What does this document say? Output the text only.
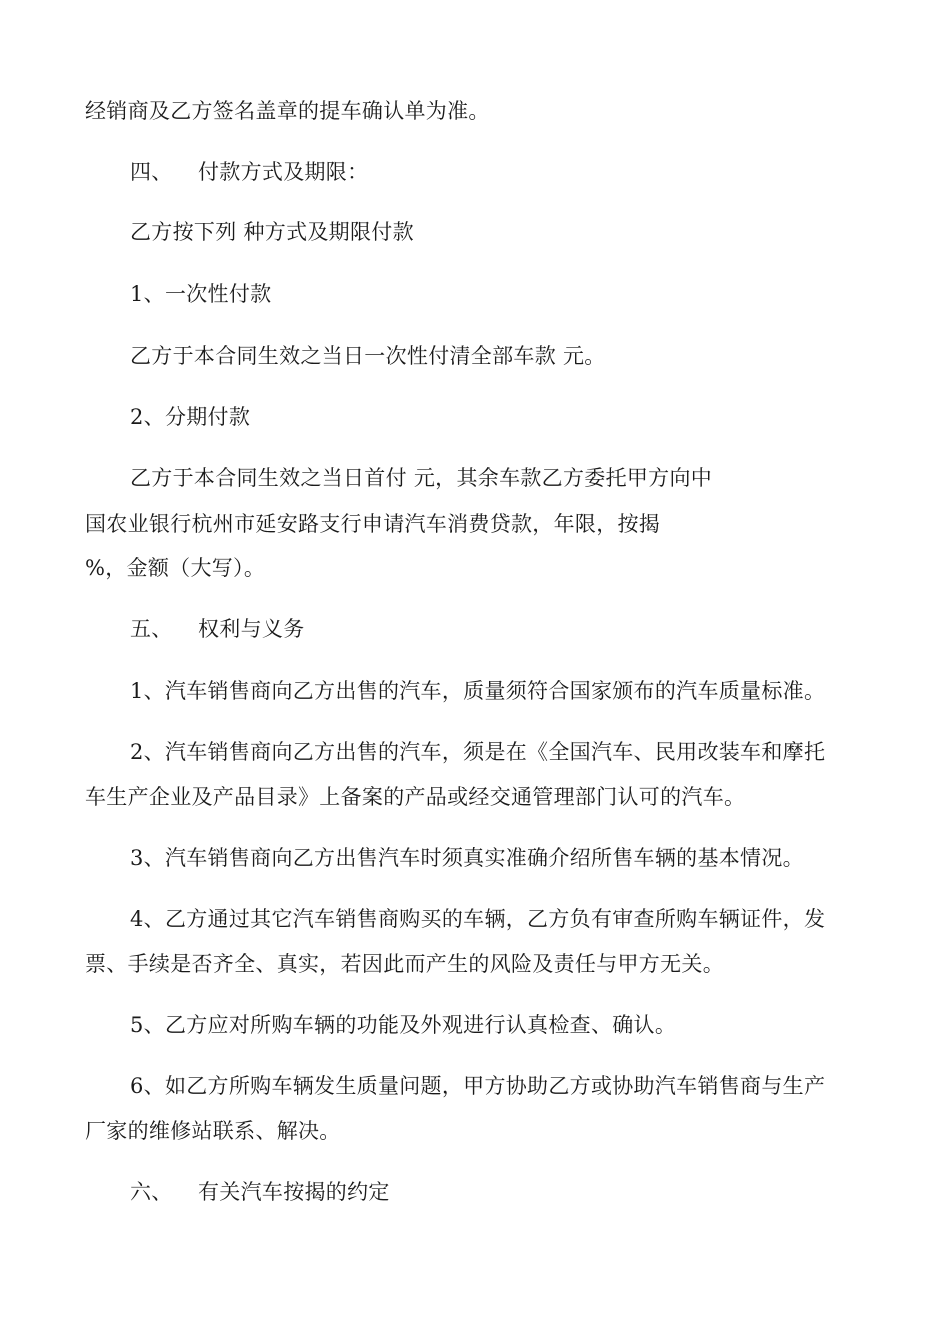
经销商及乙方签名盖章的提车确认单为准。
四、 付款方式及期限：
乙方按下列 种方式及期限付款
1、一次性付款
乙方于本合同生效之当日一次性付清全部车款 元。
2、分期付款
乙方于本合同生效之当日首付 元，其余车款乙方委托甲方向中
国农业银行杭州市延安路支行申请汽车消费贷款，年限，按揭
%，金额（大写）。
五、 权利与义务
1、汽车销售商向乙方出售的汽车，质量须符合国家颁布的汽车质量标准。
2、汽车销售商向乙方出售的汽车，须是在《全国汽车、民用改装车和摩托
车生产企业及产品目录》上备案的产品或经交通管理部门认可的汽车。
3、汽车销售商向乙方出售汽车时须真实准确介绍所售车辆的基本情况。
4、乙方通过其它汽车销售商购买的车辆，乙方负有审查所购车辆证件，发
票、手续是否齐全、真实，若因此而产生的风险及责任与甲方无关。
5、乙方应对所购车辆的功能及外观进行认真检查、确认。
6、如乙方所购车辆发生质量问题，甲方协助乙方或协助汽车销售商与生产
厂家的维修站联系、解决。
六、 有关汽车按揭的约定
